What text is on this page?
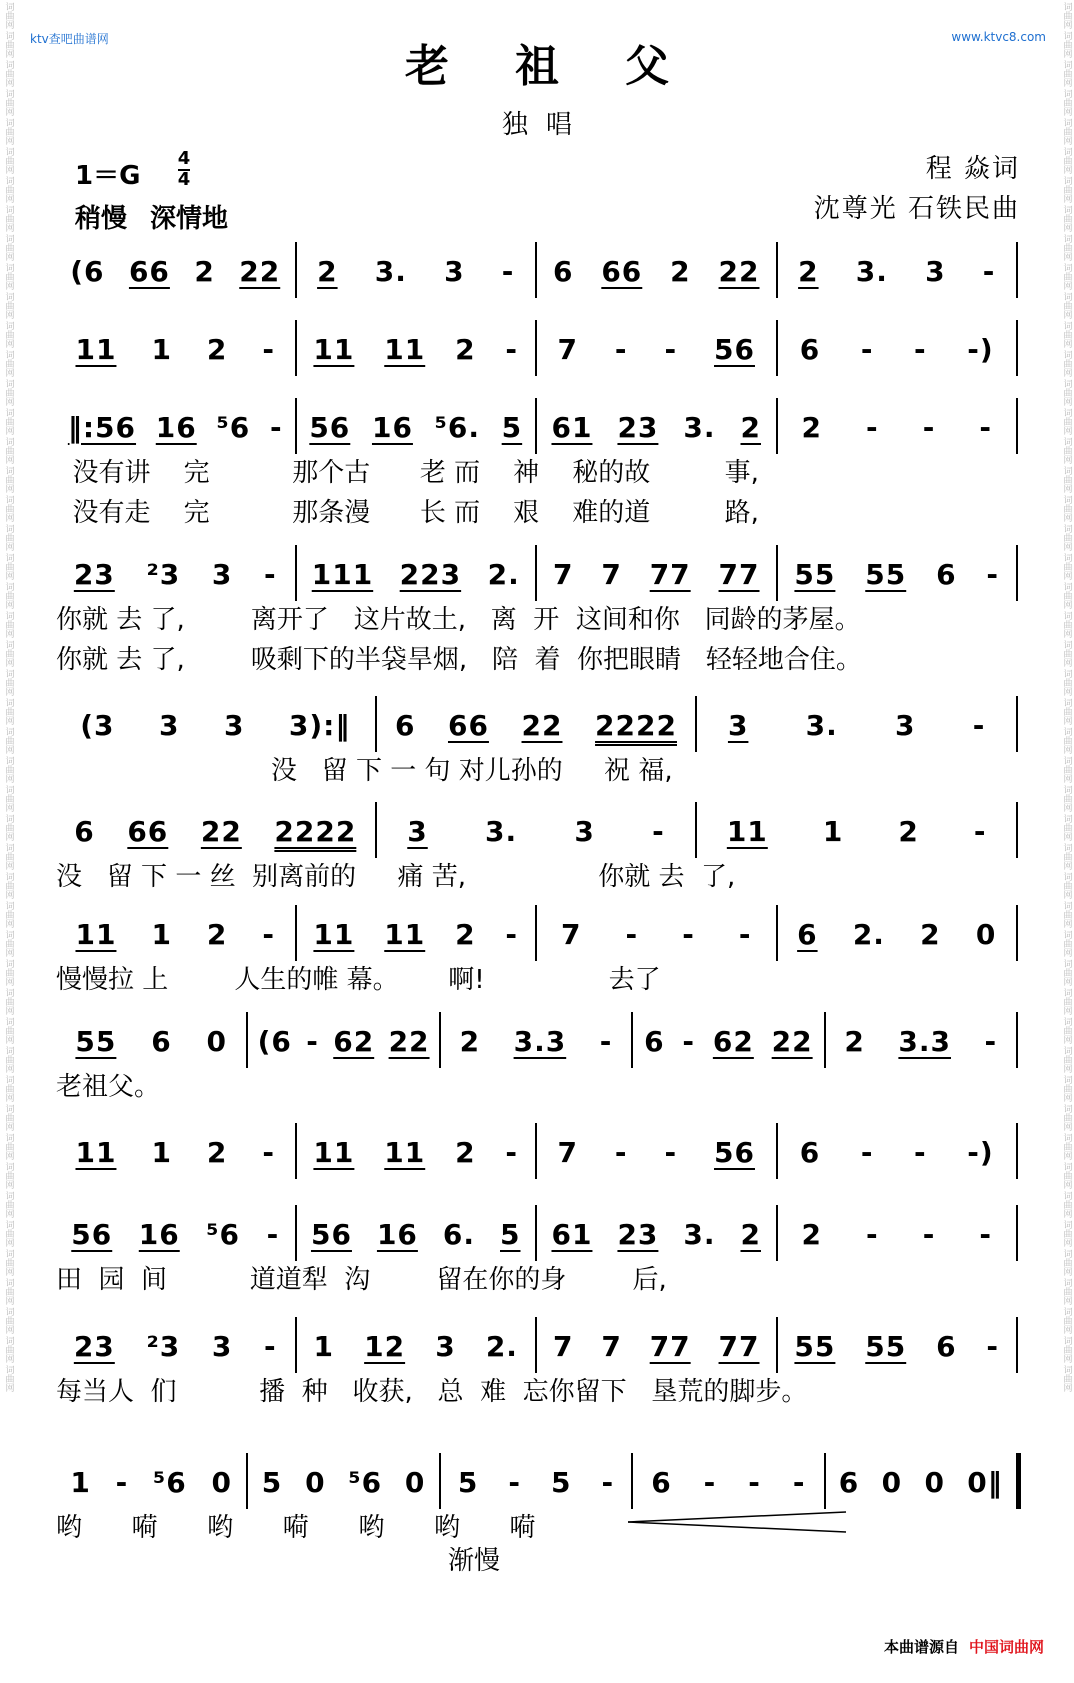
词曲网
词曲网
词曲网
词曲网
词曲网
词曲网
词曲网
词曲网
词曲网
词曲网
词曲网
词曲网
词曲网
词曲网
词曲网
词曲网
词曲网
词曲网
词曲网
词曲网
词曲网
词曲网
词曲网
词曲网
词曲网
词曲网
词曲网
词曲网
词曲网
词曲网
词曲网
词曲网
词曲网
词曲网
词曲网
词曲网
词曲网
词曲网
词曲网
词曲网
词曲网
词曲网
词曲网
词曲网
词曲网
词曲网
词曲网
词曲网
词曲网
词曲网
词曲网
词曲网
词曲网
词曲网
词曲网
词曲网
词曲网
词曲网
词曲网
词曲网
词曲网
词曲网
词曲网
词曲网
词曲网
词曲网
词曲网
词曲网
词曲网
词曲网
词曲网
词曲网
词曲网
词曲网
词曲网
词曲网
词曲网
词曲网
词曲网
词曲网
词曲网
词曲网
词曲网
词曲网
词曲网
词曲网
词曲网
词曲网
词曲网
词曲网
词曲网
词曲网
词曲网
词曲网
词曲网
词曲网
ktv查吧曲谱网	www.ktvc8.com
老祖父
独唱
$1=G \frac{4}{4}$
稍慢 深情地
程 焱词
沈尊光 石铁民曲
(6 66 2 22 2 3. 3 - 6 66 2 22 2 3. 3 -
11 1 2 - 11 11 2 - 7 - - 56 6 - - -)
‖:56 16 ⁵6 - 56 16 ⁵6. 5 61 23 3. 2 2 - - -
没有讲    完          那个古      老 而    神    秘的故         事,
没有走    完          那条漫      长 而    艰    难的道         路,
23 ²3 3 - 111 223 2. 7 7 77 77 55 55 6 -
你就 去 了,        离开了   这片故土,   离  开  这间和你   同龄的茅屋。
你就 去 了,        吸剩下的半袋旱烟,   陪  着  你把眼睛   轻轻地合住。
(3 3 3 3):‖ 6 66 22 2222 3 3. 3 -
没   留 下 一 句 对儿孙的     祝 福,
6 66 22 2222 3 3. 3 - 11 1 2 -
没   留 下 一 丝  别离前的     痛 苦,                你就 去  了,
11 1 2 - 11 11 2 - 7 - - - 6 2. 2 0
慢慢拉 上        人生的帷 幕。      啊!               去了
55 6 0 (6 - 62 22 2 3.3 - 6 - 62 22 2 3.3 -
老祖父。
11 1 2 - 11 11 2 - 7 - - 56 6 - - -)
56 16 ⁵6 - 56 16 6. 5 61 23 3. 2 2 - - -
田  园  间          道道犁  沟        留在你的身        后,
23 ²3 3 - 1 12 3 2. 7 7 77 77 55 55 6 -
每当人  们          播  种   收获,   总  难  忘你留下   垦荒的脚步。
1 - ⁵6 0 5 0 ⁵6 0 5 - 5 - 6 - - - 6 0 0 0‖
哟      嗬      哟      嗬      哟      哟      嗬
渐慢
本曲谱源自 中国词曲网
